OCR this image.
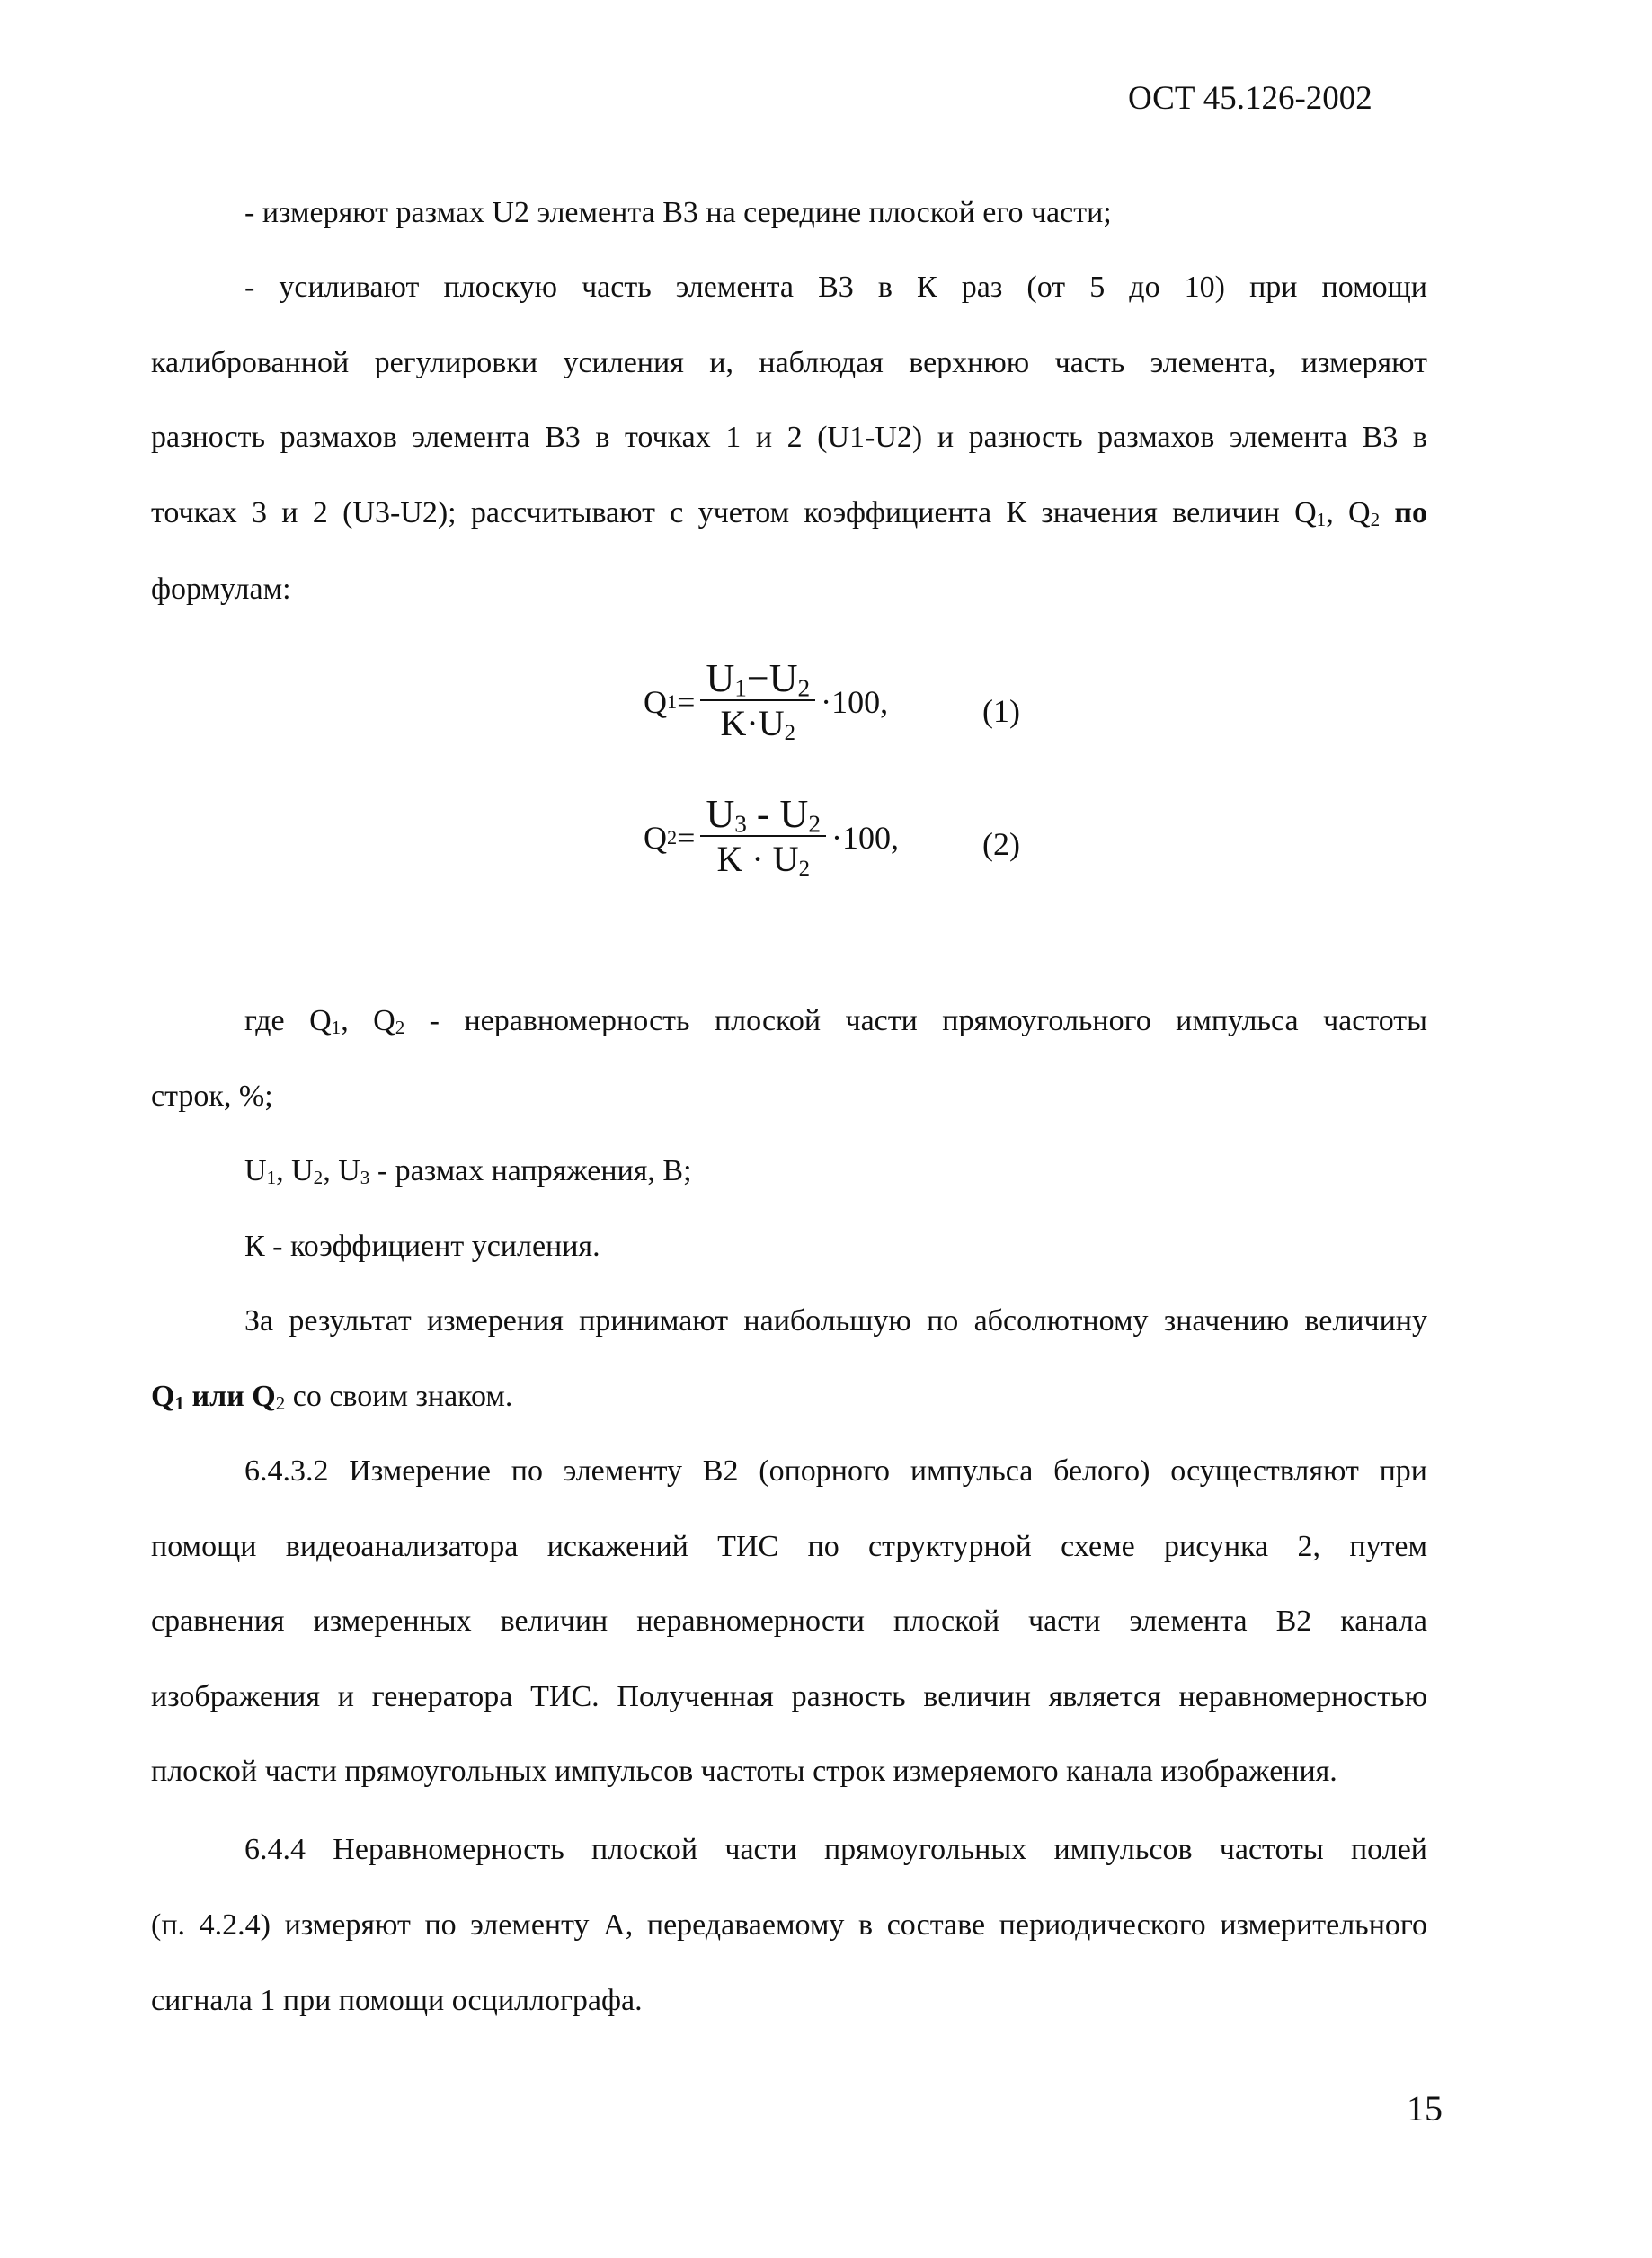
ОСТ 45.126-2002
- измеряют размах U2 элемента В3 на середине плоской его части;
- усиливают плоскую часть элемента В3 в К раз (от 5 до 10) при помощи
калиброванной регулировки усиления и, наблюдая верхнюю часть элемента, измеряют
разность размахов элемента В3 в точках 1 и 2 (U1-U2) и разность размахов элемента В3 в
точках 3 и 2 (U3-U2); рассчитывают с учетом коэффициента К значения величин $Q_1$, $Q_2$ по
формулам:
Q $1 = \frac{U_1-U_2}{K\cdot U_2} \cdot 100$ ,	(1)
Q $2 = \frac{U_3 - U_2}{K \cdot U_2} \cdot 100$ ,	(2)
где $Q_1$, $Q_2$ - неравномерность плоской части прямоугольного импульса частоты
строк, %;
$U_1$, $U_2$, $U_3$ - размах напряжения, В;
К - коэффициент усиления.
За результат измерения принимают наибольшую по абсолютному значению величину
$Q_1$ или $Q_2$ со своим знаком.
6.4.3.2 Измерение по элементу В2 (опорного импульса белого) осуществляют при
помощи видеоанализатора искажений ТИС по структурной схеме рисунка 2, путем
сравнения измеренных величин неравномерности плоской части элемента В2 канала
изображения и генератора ТИС. Полученная разность величин является неравномерностью
плоской части прямоугольных импульсов частоты строк измеряемого канала изображения.
6.4.4 Неравномерность плоской части прямоугольных импульсов частоты полей
(п. 4.2.4) измеряют по элементу А, передаваемому в составе периодического измерительного
сигнала 1 при помощи осциллографа.
15
